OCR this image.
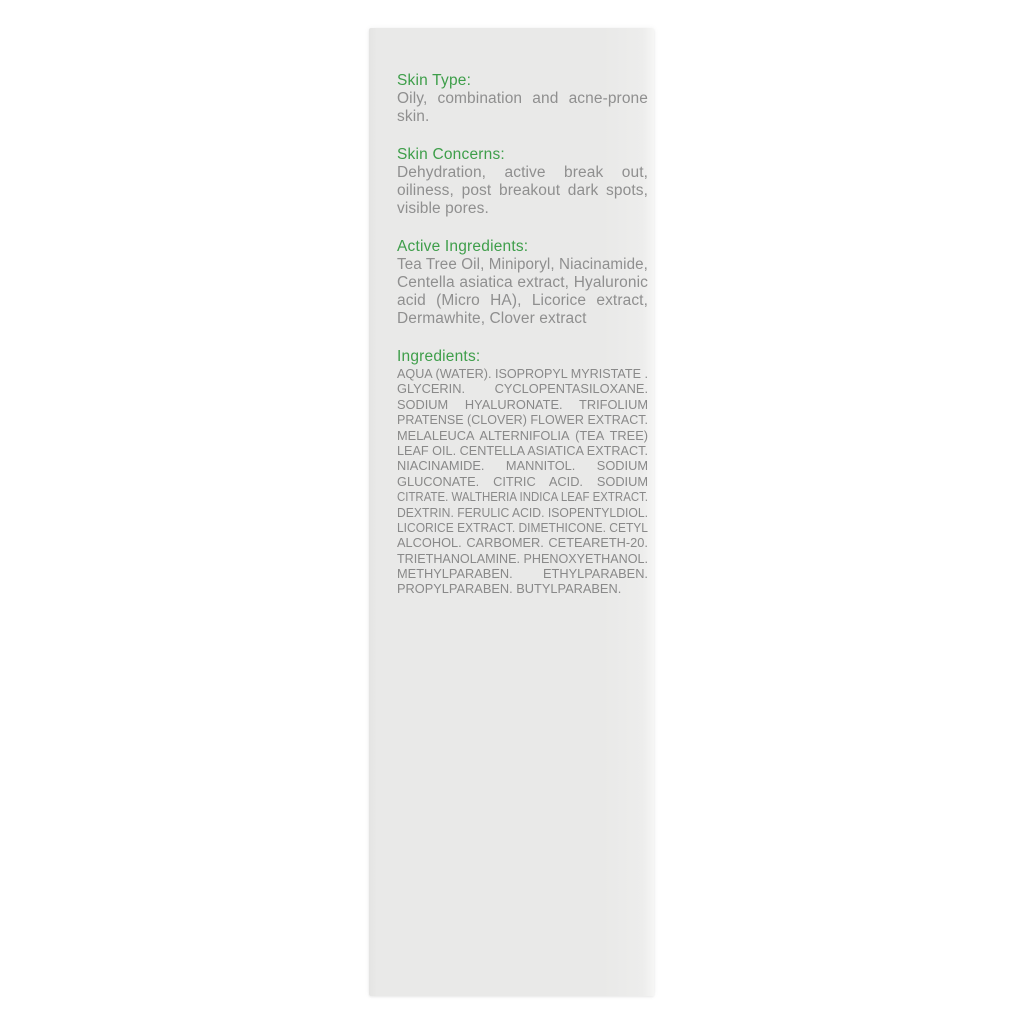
Skin Type:
Oily, combination and acne-prone
skin.
Skin Concerns:
Dehydration, active break out,
oiliness, post breakout dark spots,
visible pores.
Active Ingredients:
Tea Tree Oil, Miniporyl, Niacinamide,
Centella asiatica extract, Hyaluronic
acid (Micro HA), Licorice extract,
Dermawhite, Clover extract
Ingredients:
AQUA (WATER). ISOPROPYL MYRISTATE .
GLYCERIN. CYCLOPENTASILOXANE.
SODIUM HYALURONATE. TRIFOLIUM
PRATENSE (CLOVER) FLOWER EXTRACT.
MELALEUCA ALTERNIFOLIA (TEA TREE)
LEAF OIL. CENTELLA ASIATICA EXTRACT.
NIACINAMIDE. MANNITOL. SODIUM
GLUCONATE. CITRIC ACID. SODIUM
CITRATE. WALTHERIA INDICA LEAF EXTRACT.
DEXTRIN. FERULIC ACID. ISOPENTYLDIOL.
LICORICE EXTRACT. DIMETHICONE. CETYL
ALCOHOL. CARBOMER. CETEARETH-20.
TRIETHANOLAMINE. PHENOXYETHANOL.
METHYLPARABEN. ETHYLPARABEN.
PROPYLPARABEN. BUTYLPARABEN.
